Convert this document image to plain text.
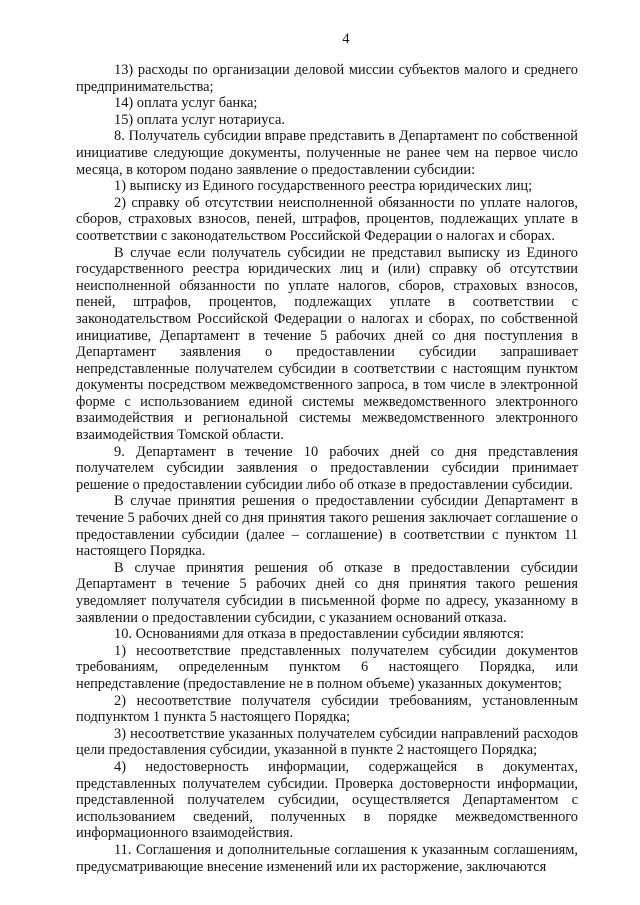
4

13) расходы по организации деловой миссии субъектов малого и среднего предпринимательства;

14) оплата услуг банка;

15) оплата услуг нотариуса.

8. Получатель субсидии вправе представить в Департамент по собственной инициативе следующие документы, полученные не ранее чем на первое число месяца, в котором подано заявление о предоставлении субсидии:

1) выписку из Единого государственного реестра юридических лиц;

2) справку об отсутствии неисполненной обязанности по уплате налогов, сборов, страховых взносов, пеней, штрафов, процентов, подлежащих уплате в соответствии с законодательством Российской Федерации о налогах и сборах.

В случае если получатель субсидии не представил выписку из Единого государственного реестра юридических лиц и (или) справку об отсутствии неисполненной обязанности по уплате налогов, сборов, страховых взносов, пеней, штрафов, процентов, подлежащих уплате в соответствии с законодательством Российской Федерации о налогах и сборах, по собственной инициативе, Департамент в течение 5 рабочих дней со дня поступления в Департамент заявления о предоставлении субсидии запрашивает непредставленные получателем субсидии в соответствии с настоящим пунктом документы посредством межведомственного запроса, в том числе в электронной форме с использованием единой системы межведомственного электронного взаимодействия и региональной системы межведомственного электронного взаимодействия Томской области.

9. Департамент в течение 10 рабочих дней со дня представления получателем субсидии заявления о предоставлении субсидии принимает решение о предоставлении субсидии либо об отказе в предоставлении субсидии.

В случае принятия решения о предоставлении субсидии Департамент в течение 5 рабочих дней со дня принятия такого решения заключает соглашение о предоставлении субсидии (далее – соглашение) в соответствии с пунктом 11 настоящего Порядка.

В случае принятия решения об отказе в предоставлении субсидии Департамент в течение 5 рабочих дней со дня принятия такого решения уведомляет получателя субсидии в письменной форме по адресу, указанному в заявлении о предоставлении субсидии, с указанием оснований отказа.

10. Основаниями для отказа в предоставлении субсидии являются:

1) несоответствие представленных получателем субсидии документов требованиям, определенным пунктом 6 настоящего Порядка, или непредставление (предоставление не в полном объеме) указанных документов;

2) несоответствие получателя субсидии требованиям, установленным подпунктом 1 пункта 5 настоящего Порядка;

3) несоответствие указанных получателем субсидии направлений расходов цели предоставления субсидии, указанной в пункте 2 настоящего Порядка;

4) недостоверность информации, содержащейся в документах, представленных получателем субсидии. Проверка достоверности информации, представленной получателем субсидии, осуществляется Департаментом с использованием сведений, полученных в порядке межведомственного информационного взаимодействия.

11. Соглашения и дополнительные соглашения к указанным соглашениям, предусматривающие внесение изменений или их расторжение, заключаются
